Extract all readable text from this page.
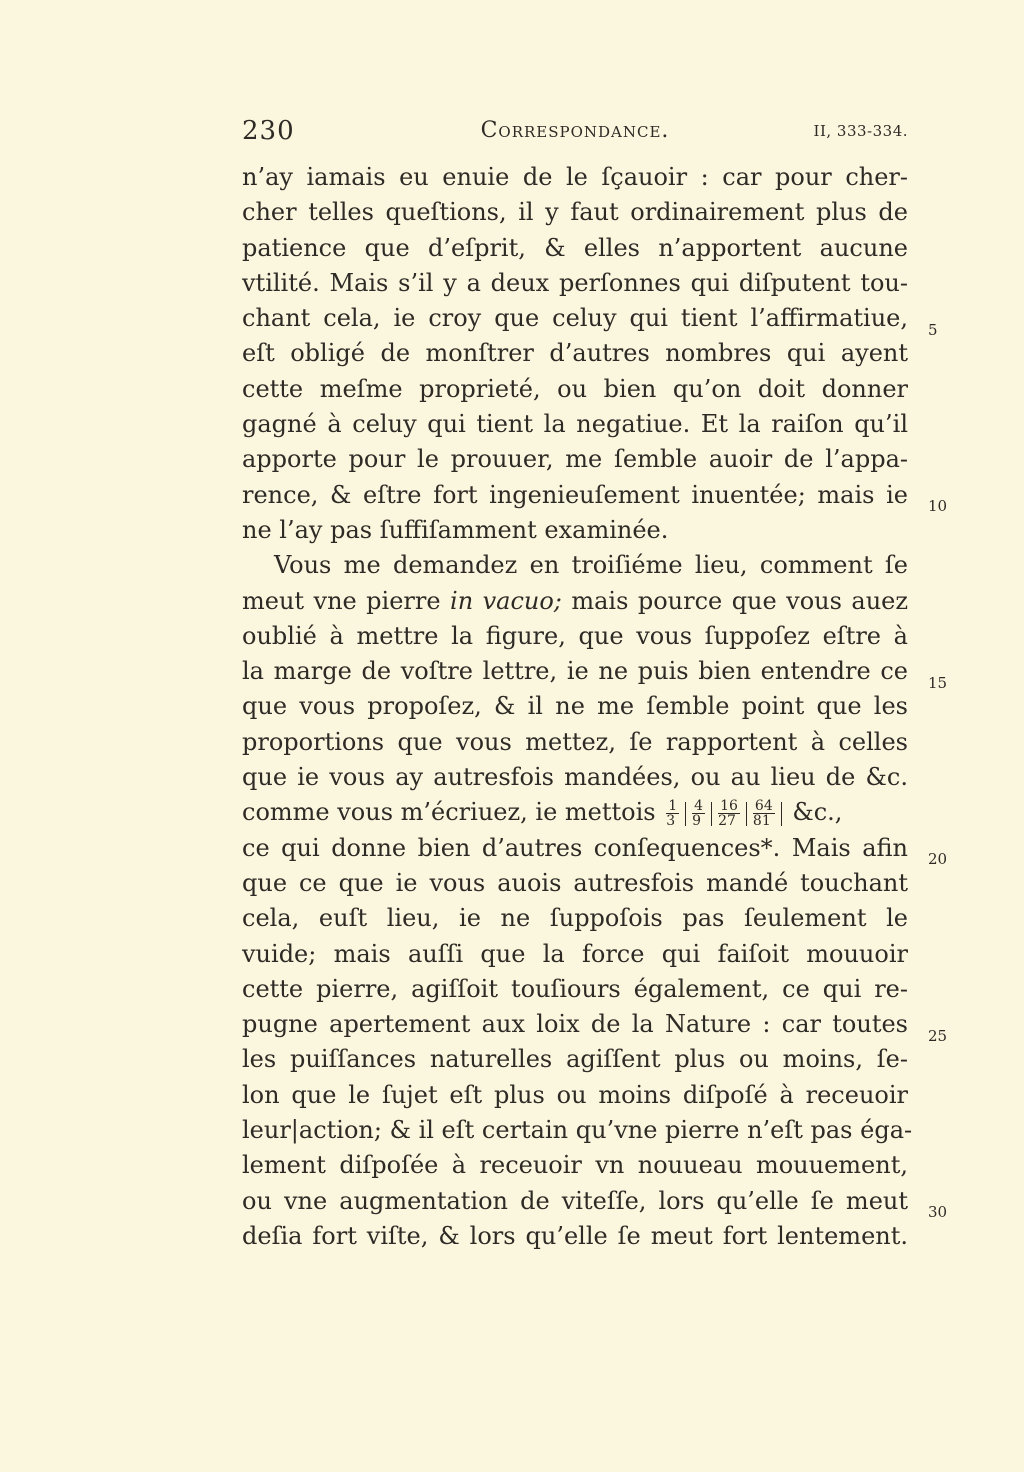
230	Correspondance.	II, 333-334.
n’ay iamais eu enuie de le ſçauoir : car pour cher-
cher telles queſtions, il y faut ordinairement plus de
patience que d’eſprit, & elles n’apportent aucune
vtilité. Mais s’il y a deux perſonnes qui diſputent tou-
chant cela, ie croy que celuy qui tient l’affirmatiue,
eſt obligé de monſtrer d’autres nombres qui ayent
cette meſme proprieté, ou bien qu’on doit donner
gagné à celuy qui tient la negatiue. Et la raiſon qu’il
apporte pour le prouuer, me ſemble auoir de l’appa-
rence, & eſtre fort ingenieuſement inuentée; mais ie
ne l’ay pas ſuffiſamment examinée.
Vous me demandez en troiſiéme lieu, comment ſe
meut vne pierre in vacuo; mais pource que vous auez
oublié à mettre la figure, que vous ſuppoſez eſtre à
la marge de voſtre lettre, ie ne puis bien entendre ce
que vous propoſez, & il ne me ſemble point que les
proportions que vous mettez, ſe rapportent à celles
que ie vous ay autresfois mandées, ou au lieu de &c.
comme vous m’écriuez, ie mettois $\frac{1}{3} \frac{4}{9} \frac{16}{27} \frac{64}{81}$ &c.,
ce qui donne bien d’autres conſequences*. Mais afin
que ce que ie vous auois autresfois mandé touchant
cela, euſt lieu, ie ne ſuppoſois pas ſeulement le
vuide; mais auſſi que la force qui faiſoit mouuoir
cette pierre, agiſſoit touſiours également, ce qui re-
pugne apertement aux loix de la Nature : car toutes
les puiſſances naturelles agiſſent plus ou moins, ſe-
lon que le ſujet eſt plus ou moins diſpoſé à receuoir
leur|action; & il eſt certain qu’vne pierre n’eſt pas éga-
lement diſpoſée à receuoir vn nouueau mouuement,
ou vne augmentation de viteſſe, lors qu’elle ſe meut
deſia fort viſte, & lors qu’elle ſe meut fort lentement.
5
10
15
20
25
30
